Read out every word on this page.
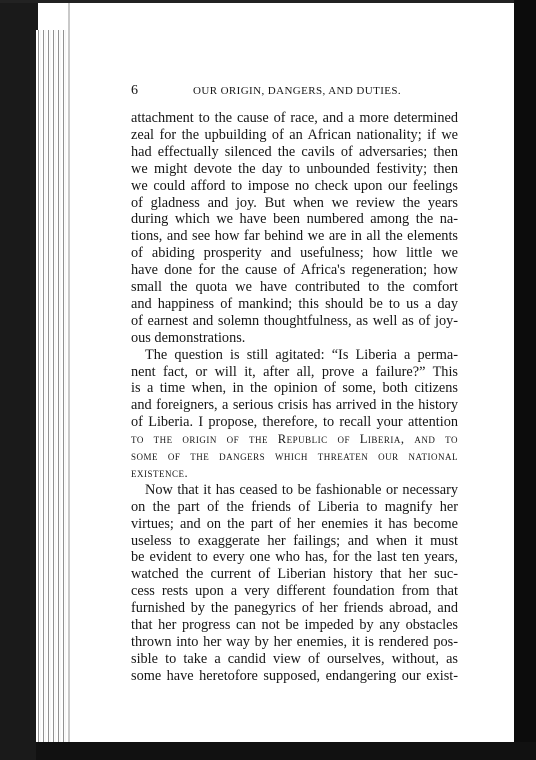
6	OUR ORIGIN, DANGERS, AND DUTIES.
attachment to the cause of race, and a more determined
zeal for the upbuilding of an African nationality; if we
had effectually silenced the cavils of adversaries; then
we might devote the day to unbounded festivity; then
we could afford to impose no check upon our feelings
of gladness and joy. But when we review the years
during which we have been numbered among the na-
tions, and see how far behind we are in all the elements
of abiding prosperity and usefulness; how little we
have done for the cause of Africa's regeneration; how
small the quota we have contributed to the comfort
and happiness of mankind; this should be to us a day
of earnest and solemn thoughtfulness, as well as of joy-
ous demonstrations.
The question is still agitated: “Is Liberia a perma-
nent fact, or will it, after all, prove a failure?” This
is a time when, in the opinion of some, both citizens
and foreigners, a serious crisis has arrived in the history
of Liberia. I propose, therefore, to recall your attention
to the origin of the Republic of Liberia, and to
some of the dangers which threaten our national
existence.
Now that it has ceased to be fashionable or necessary
on the part of the friends of Liberia to magnify her
virtues; and on the part of her enemies it has become
useless to exaggerate her failings; and when it must
be evident to every one who has, for the last ten years,
watched the current of Liberian history that her suc-
cess rests upon a very different foundation from that
furnished by the panegyrics of her friends abroad, and
that her progress can not be impeded by any obstacles
thrown into her way by her enemies, it is rendered pos-
sible to take a candid view of ourselves, without, as
some have heretofore supposed, endangering our exist-
